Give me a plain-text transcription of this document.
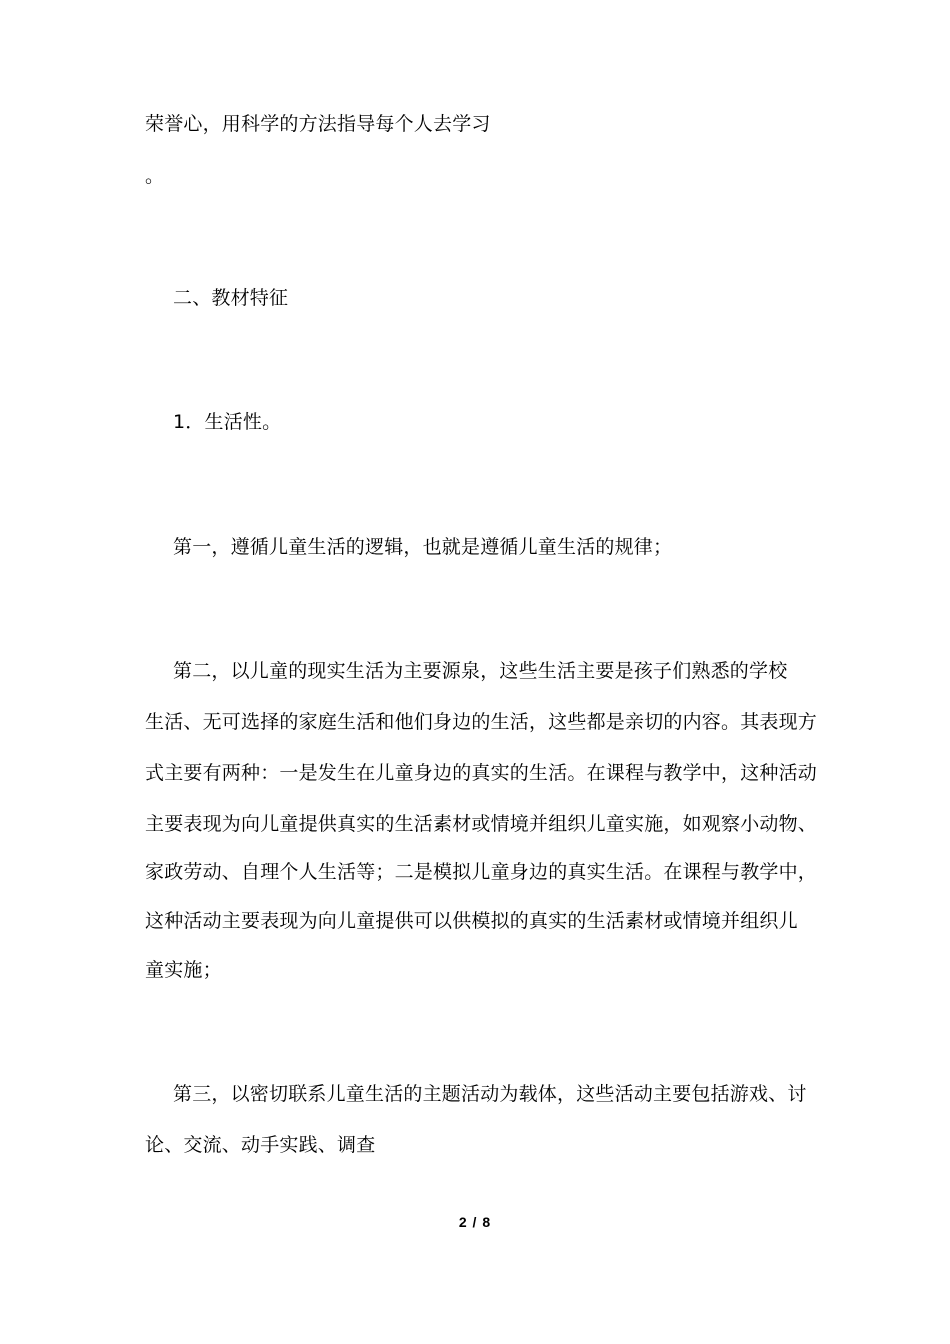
荣誉心，用科学的方法指导每个人去学习
。
二、教材特征
1．生活性。
第一，遵循儿童生活的逻辑，也就是遵循儿童生活的规律；
第二，以儿童的现实生活为主要源泉，这些生活主要是孩子们熟悉的学校
生活、无可选择的家庭生活和他们身边的生活，这些都是亲切的内容。其表现方
式主要有两种：一是发生在儿童身边的真实的生活。在课程与教学中，这种活动
主要表现为向儿童提供真实的生活素材或情境并组织儿童实施，如观察小动物、
家政劳动、自理个人生活等；二是模拟儿童身边的真实生活。在课程与教学中，
这种活动主要表现为向儿童提供可以供模拟的真实的生活素材或情境并组织儿
童实施；
第三，以密切联系儿童生活的主题活动为载体，这些活动主要包括游戏、讨
论、交流、动手实践、调查
2 / 8
